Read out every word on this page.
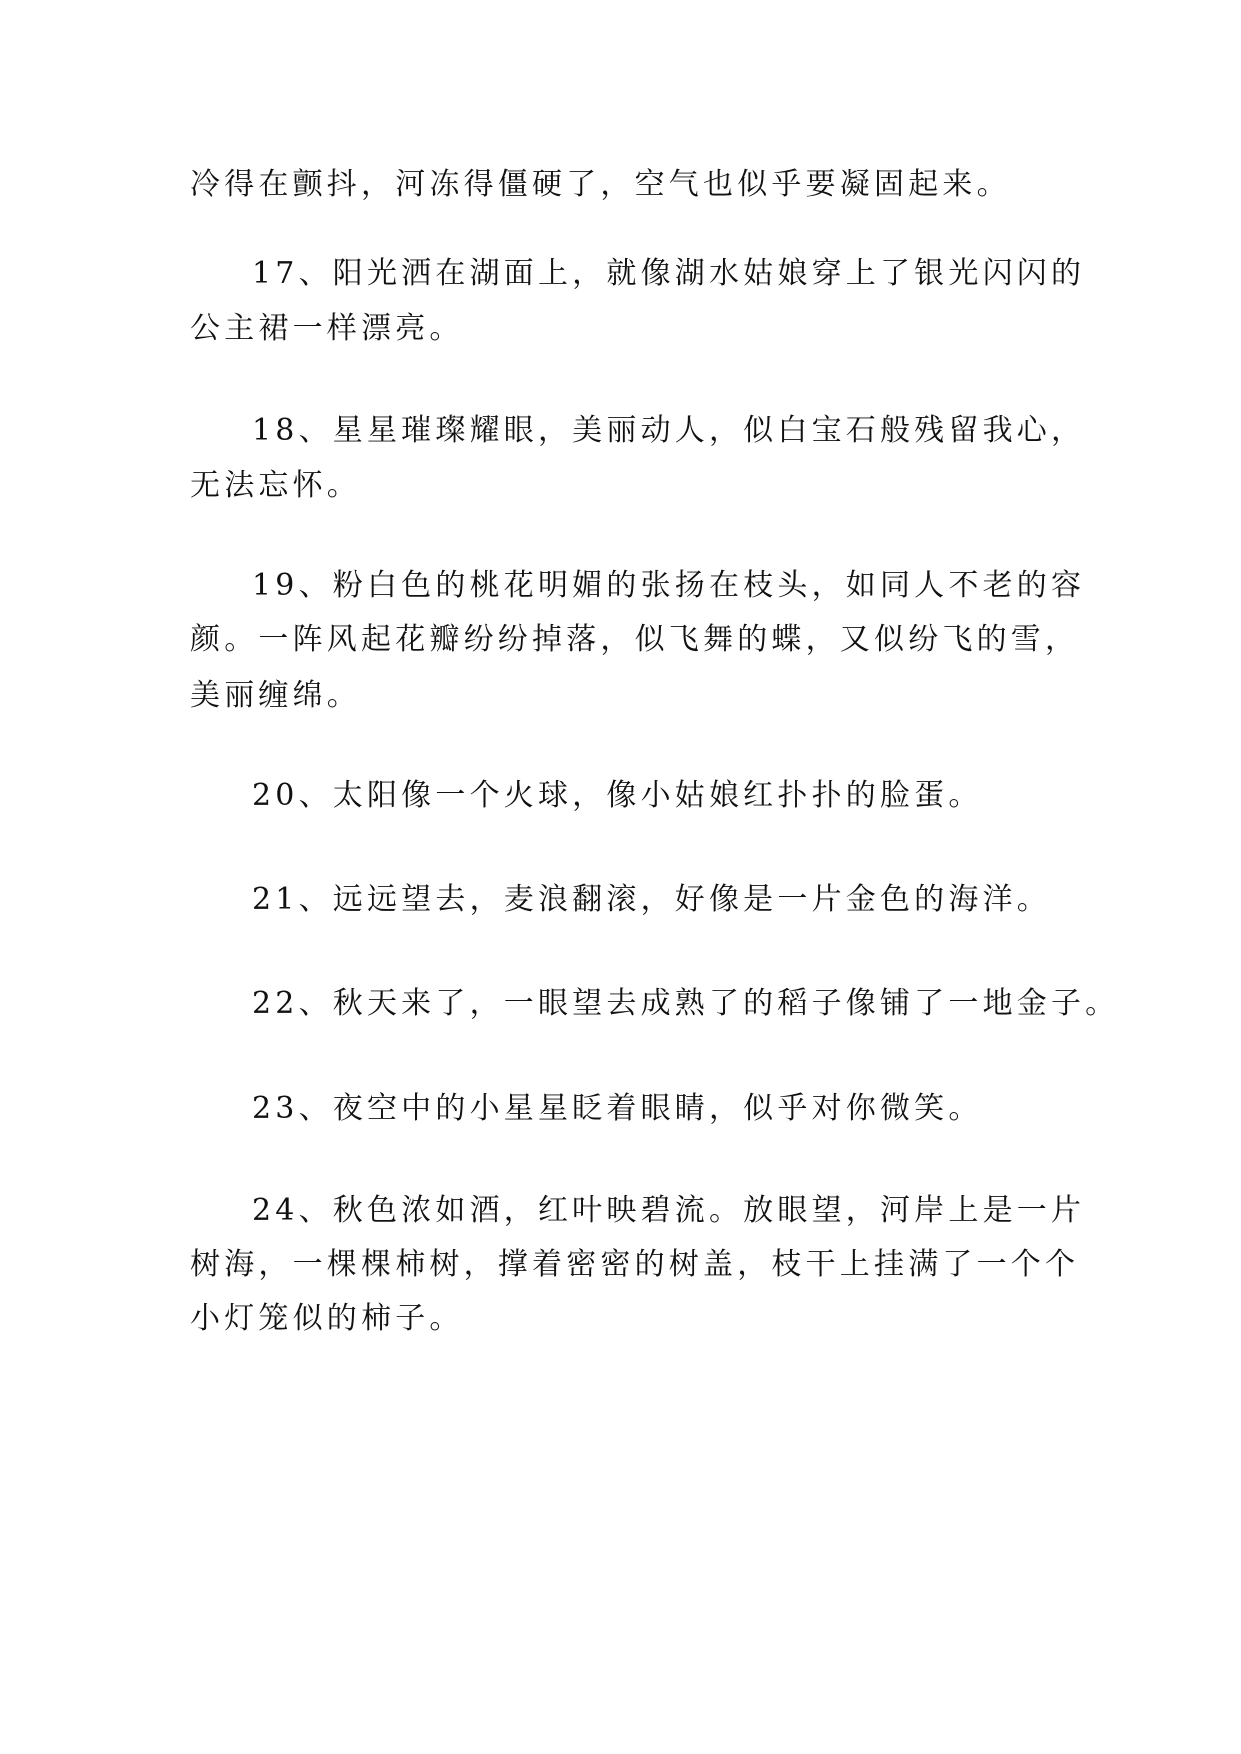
冷得在颤抖，河冻得僵硬了，空气也似乎要凝固起来。
17、阳光洒在湖面上，就像湖水姑娘穿上了银光闪闪的
公主裙一样漂亮。
18、星星璀璨耀眼，美丽动人，似白宝石般残留我心，
无法忘怀。
19、粉白色的桃花明媚的张扬在枝头，如同人不老的容
颜。一阵风起花瓣纷纷掉落，似飞舞的蝶，又似纷飞的雪，
美丽缠绵。
20、太阳像一个火球，像小姑娘红扑扑的脸蛋。
21、远远望去，麦浪翻滚，好像是一片金色的海洋。
22、秋天来了，一眼望去成熟了的稻子像铺了一地金子。
23、夜空中的小星星眨着眼睛，似乎对你微笑。
24、秋色浓如酒，红叶映碧流。放眼望，河岸上是一片
树海，一棵棵柿树，撑着密密的树盖，枝干上挂满了一个个
小灯笼似的柿子。
